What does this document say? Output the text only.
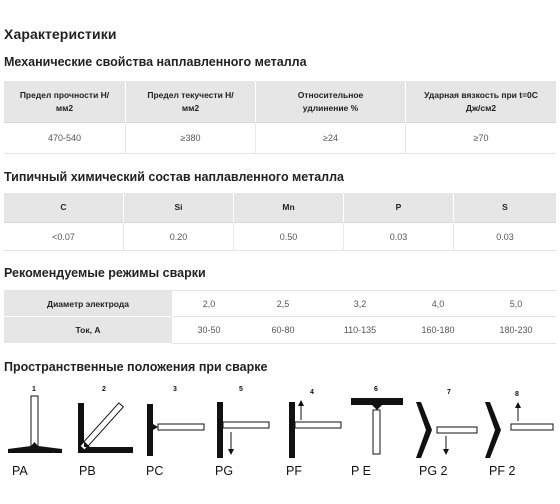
Характеристики
Механические свойства наплавленного металла
Предел прочности Н/
мм2	Предел текучести Н/
мм2	Относительное
удлинение %	Ударная вязкость при t=0С
Дж/см2
470-540	≥380	≥24	≥70
Типичный химический состав наплавленного металла
C	Si	Mn	P	S
<0.07	0.20	0.50	0.03	0.03
Рекомендуемые режимы сварки
Диаметр электрода	2,0	2,5	3,2	4,0	5,0
Ток, А	30-50	60-80	110-135	160-180	180-230
Пространственные положения при сварке
1	2	3	5	4	6	7	8
PA	PB	PC	PG	PF	P E	PG 2	PF 2
